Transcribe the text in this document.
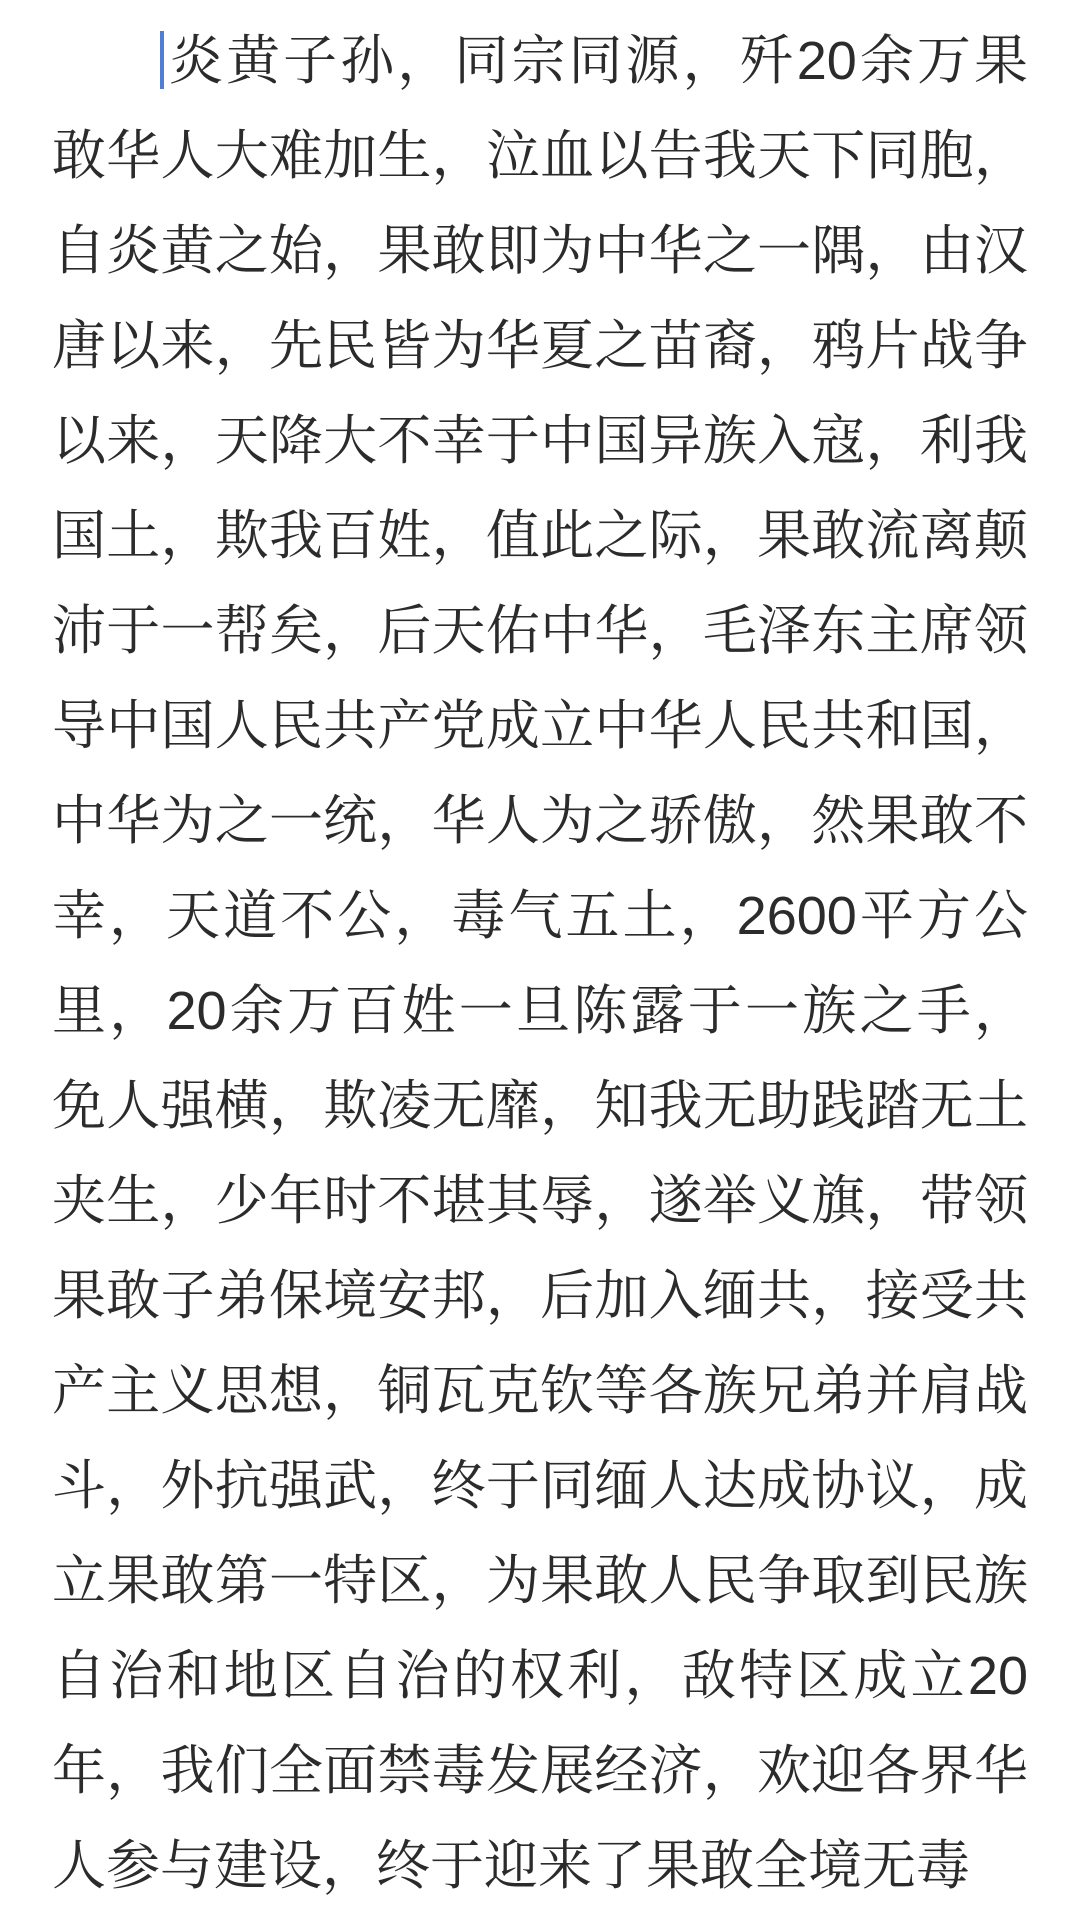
炎黄子孙，同宗同源，歼20余万果敢华人大难加生，泣血以告我天下同胞，自炎黄之始，果敢即为中华之一隅，由汉唐以来，先民皆为华夏之苗裔，鸦片战争以来，天降大不幸于中国异族入寇，利我国土，欺我百姓，值此之际，果敢流离颠沛于一帮矣，后天佑中华，毛泽东主席领导中国人民共产党成立中华人民共和国，中华为之一统，华人为之骄傲，然果敢不幸，天道不公，毒气五土，2600平方公里，20余万百姓一旦陈露于一族之手，免人强横，欺凌无靡，知我无助践踏无土夹生，少年时不堪其辱，遂举义旗，带领果敢子弟保境安邦，后加入缅共，接受共产主义思想，铜瓦克钦等各族兄弟并肩战斗，外抗强武，终于同缅人达成协议，成立果敢第一特区，为果敢人民争取到民族自治和地区自治的权利，敌特区成立20年，我们全面禁毒发展经济，欢迎各界华人参与建设，终于迎来了果敢全境无毒
